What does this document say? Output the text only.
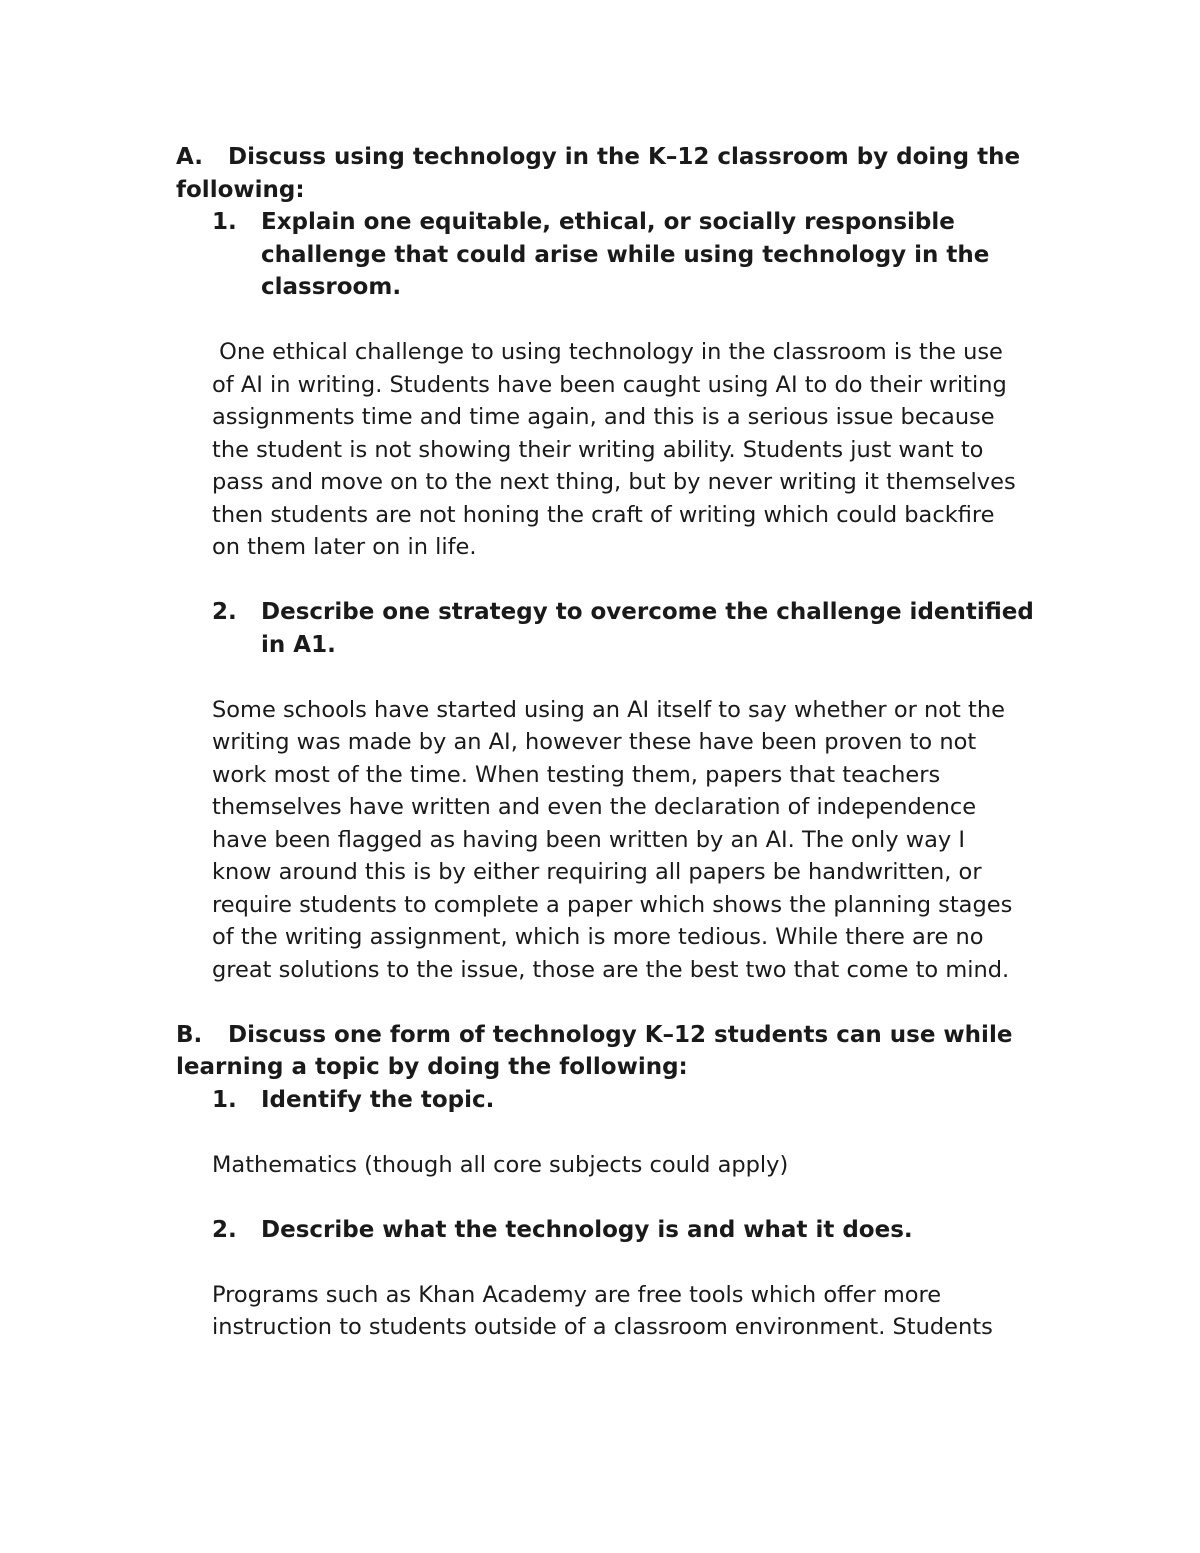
A. Discuss using technology in the K–12 classroom by doing the
following:
1. Explain one equitable, ethical, or socially responsible
challenge that could arise while using technology in the
classroom.
One ethical challenge to using technology in the classroom is the use
of AI in writing. Students have been caught using AI to do their writing
assignments time and time again, and this is a serious issue because
the student is not showing their writing ability. Students just want to
pass and move on to the next thing, but by never writing it themselves
then students are not honing the craft of writing which could backfire
on them later on in life.
2. Describe one strategy to overcome the challenge identified
in A1.
Some schools have started using an AI itself to say whether or not the
writing was made by an AI, however these have been proven to not
work most of the time. When testing them, papers that teachers
themselves have written and even the declaration of independence
have been flagged as having been written by an AI. The only way I
know around this is by either requiring all papers be handwritten, or
require students to complete a paper which shows the planning stages
of the writing assignment, which is more tedious. While there are no
great solutions to the issue, those are the best two that come to mind.
B. Discuss one form of technology K–12 students can use while
learning a topic by doing the following:
1. Identify the topic.
Mathematics (though all core subjects could apply)
2. Describe what the technology is and what it does.
Programs such as Khan Academy are free tools which offer more
instruction to students outside of a classroom environment. Students
